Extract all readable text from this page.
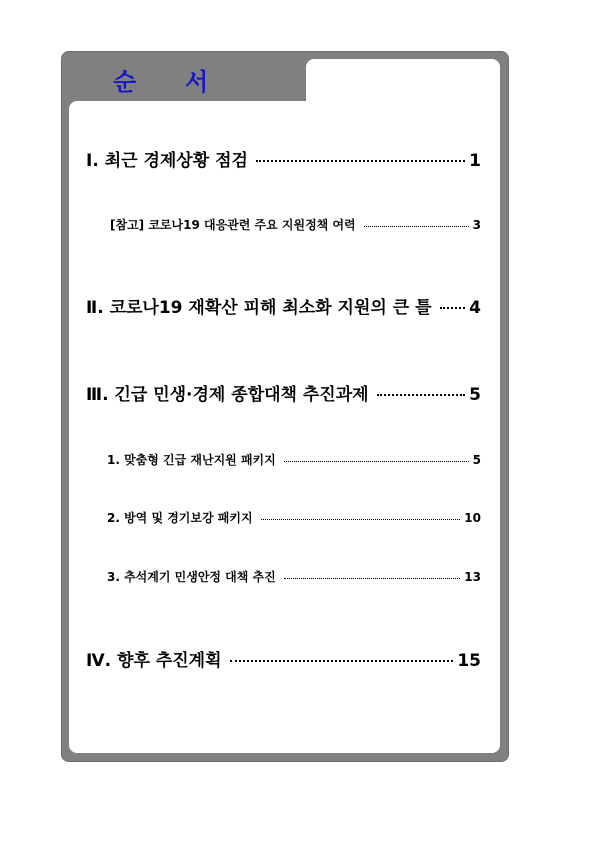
순 서
Ⅰ. 최근 경제상황 점검	1
[참고] 코로나19 대응관련 주요 지원정책 여력	3
Ⅱ. 코로나19 재확산 피해 최소화 지원의 큰 틀 4
Ⅲ. 긴급 민생·경제 종합대책 추진과제	5
1. 맞춤형 긴급 재난지원 패키지	5
2. 방역 및 경기보강 패키지	10
3. 추석계기 민생안정 대책 추진	13
Ⅳ. 향후 추진계획	15
